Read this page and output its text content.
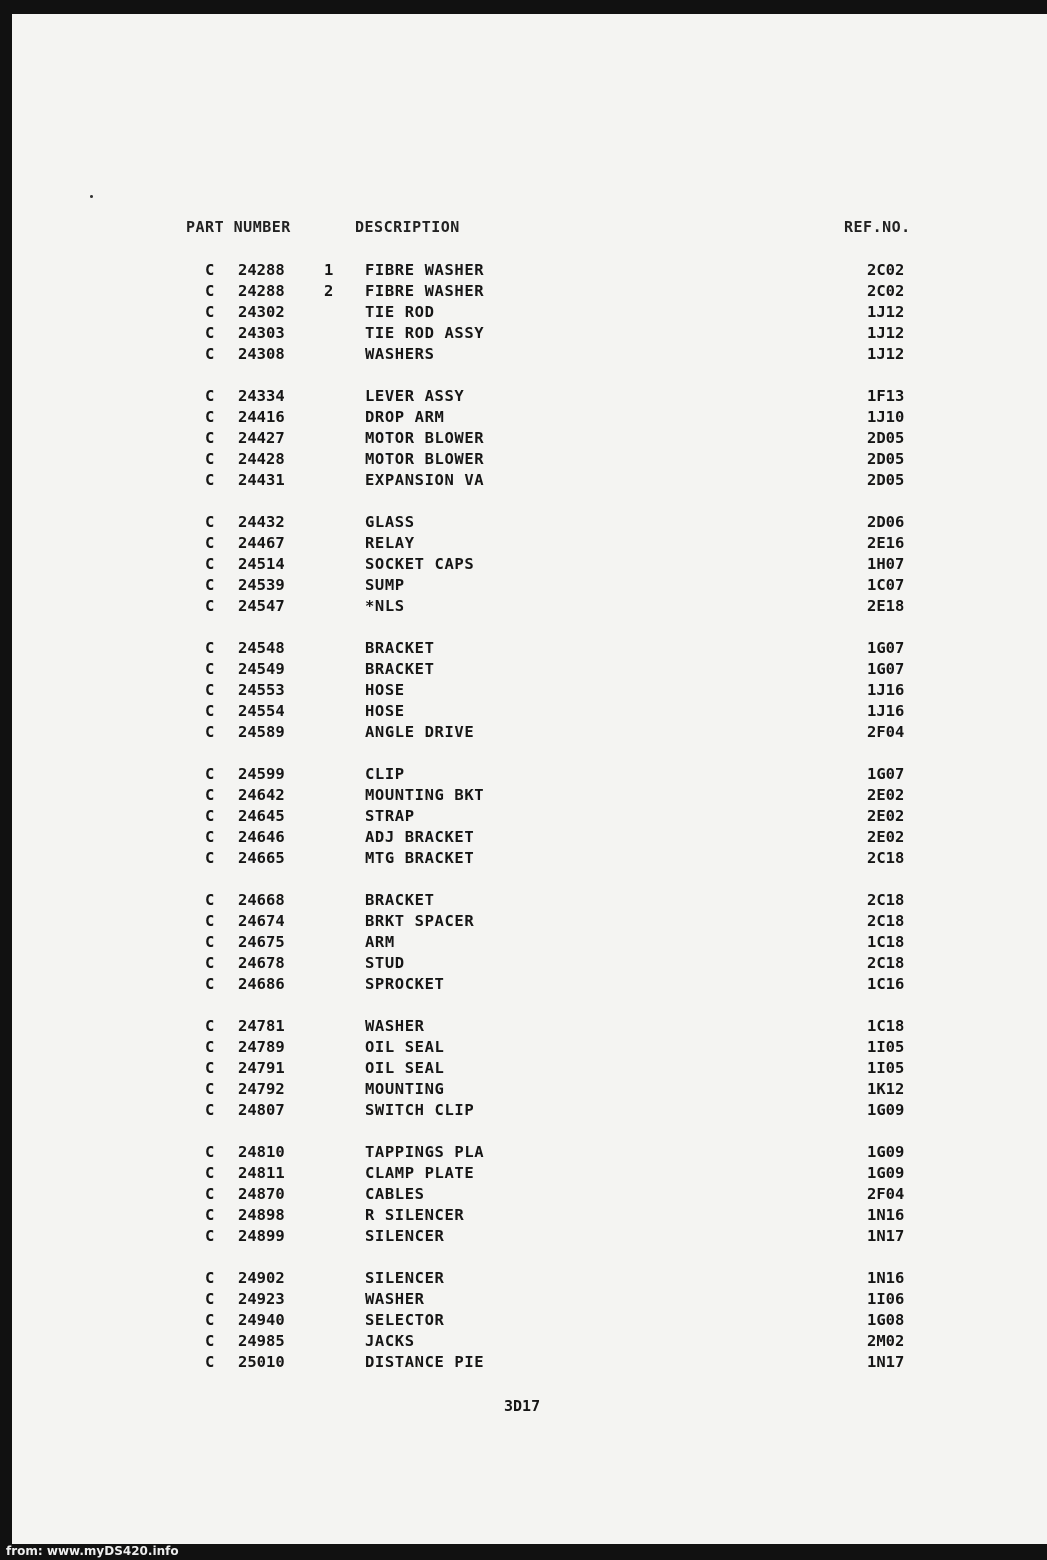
PART NUMBER	DESCRIPTION	REF.NO.
C 24288	1 FIBRE WASHER	2C02
C 24288	2 FIBRE WASHER	2C02
C 24302	TIE ROD	1J12
C 24303	TIE ROD ASSY	1J12
C 24308	WASHERS	1J12
C 24334	LEVER ASSY	1F13
C 24416	DROP ARM	1J10
C 24427	MOTOR BLOWER	2D05
C 24428	MOTOR BLOWER	2D05
C 24431	EXPANSION VA	2D05
C 24432	GLASS	2D06
C 24467	RELAY	2E16
C 24514	SOCKET CAPS	1H07
C 24539	SUMP	1C07
C 24547	*NLS	2E18
C 24548	BRACKET	1G07
C 24549	BRACKET	1G07
C 24553	HOSE	1J16
C 24554	HOSE	1J16
C 24589	ANGLE DRIVE	2F04
C 24599	CLIP	1G07
C 24642	MOUNTING BKT	2E02
C 24645	STRAP	2E02
C 24646	ADJ BRACKET	2E02
C 24665	MTG BRACKET	2C18
C 24668	BRACKET	2C18
C 24674	BRKT SPACER	2C18
C 24675	ARM	1C18
C 24678	STUD	2C18
C 24686	SPROCKET	1C16
C 24781	WASHER	1C18
C 24789	OIL SEAL	1I05
C 24791	OIL SEAL	1I05
C 24792	MOUNTING	1K12
C 24807	SWITCH CLIP	1G09
C 24810	TAPPINGS PLA	1G09
C 24811	CLAMP PLATE	1G09
C 24870	CABLES	2F04
C 24898	R SILENCER	1N16
C 24899	SILENCER	1N17
C 24902	SILENCER	1N16
C 24923	WASHER	1I06
C 24940	SELECTOR	1G08
C 24985	JACKS	2M02
C 25010	DISTANCE PIE	1N17
3D17
from: www.myDS420.info
